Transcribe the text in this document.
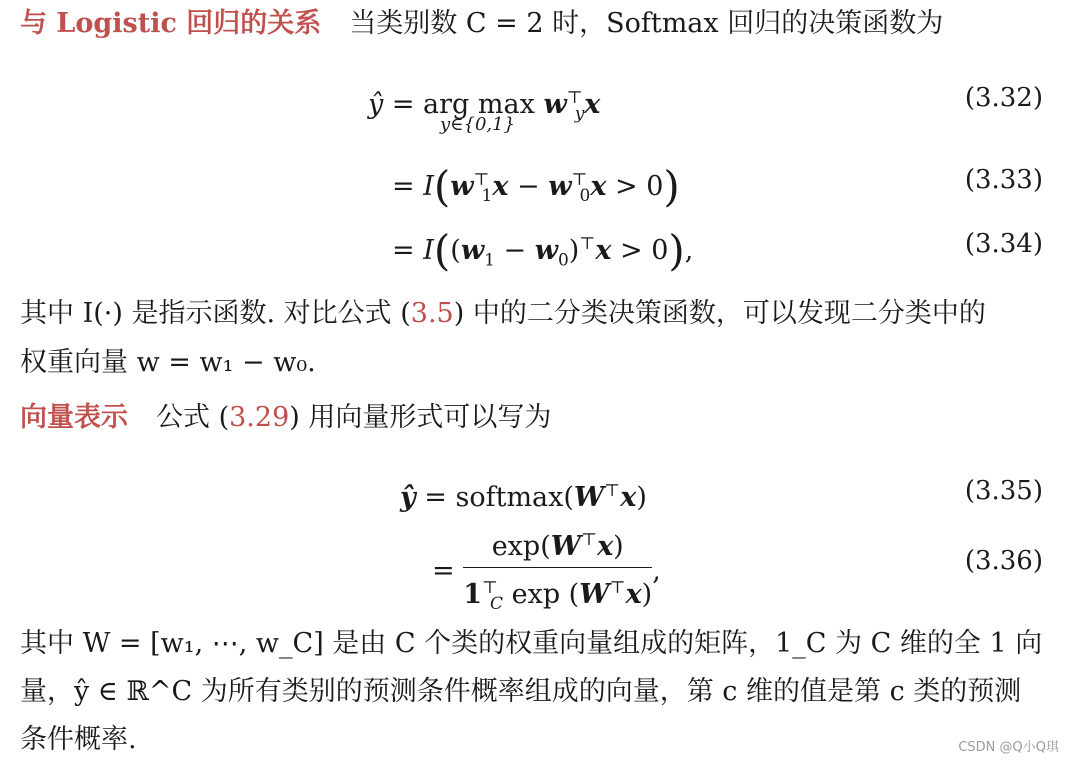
与 Logistic 回归的关系 当类别数 C = 2 时，Softmax 回归的决策函数为
ŷ = arg $\max w^⊤_yx$
y∈{0,1}
(3.32)
= $I(w^⊤_1x - w^⊤_0x > 0)$	(3.33)
= $I((w_1 - w_0)^⊤x > 0)$,	(3.34)
其中 I(·) 是指示函数. 对比公式 (3.5) 中的二分类决策函数，可以发现二分类中的
权重向量 w = w₁ − w₀.
向量表示 公式 (3.29) 用向量形式可以写为
ŷ = softmax(W⊤x)	(3.35)
= $\frac{\exp(W^⊤x)}{1^⊤_C \exp (W^⊤x)}$ ,	(3.36)
其中 W = [w₁, ⋯, w_C] 是由 C 个类的权重向量组成的矩阵，1_C 为 C 维的全 1 向
量，ŷ ∈ ℝ^C 为所有类别的预测条件概率组成的向量，第 c 维的值是第 c 类的预测
条件概率.	CSDN @Q小Q琪
